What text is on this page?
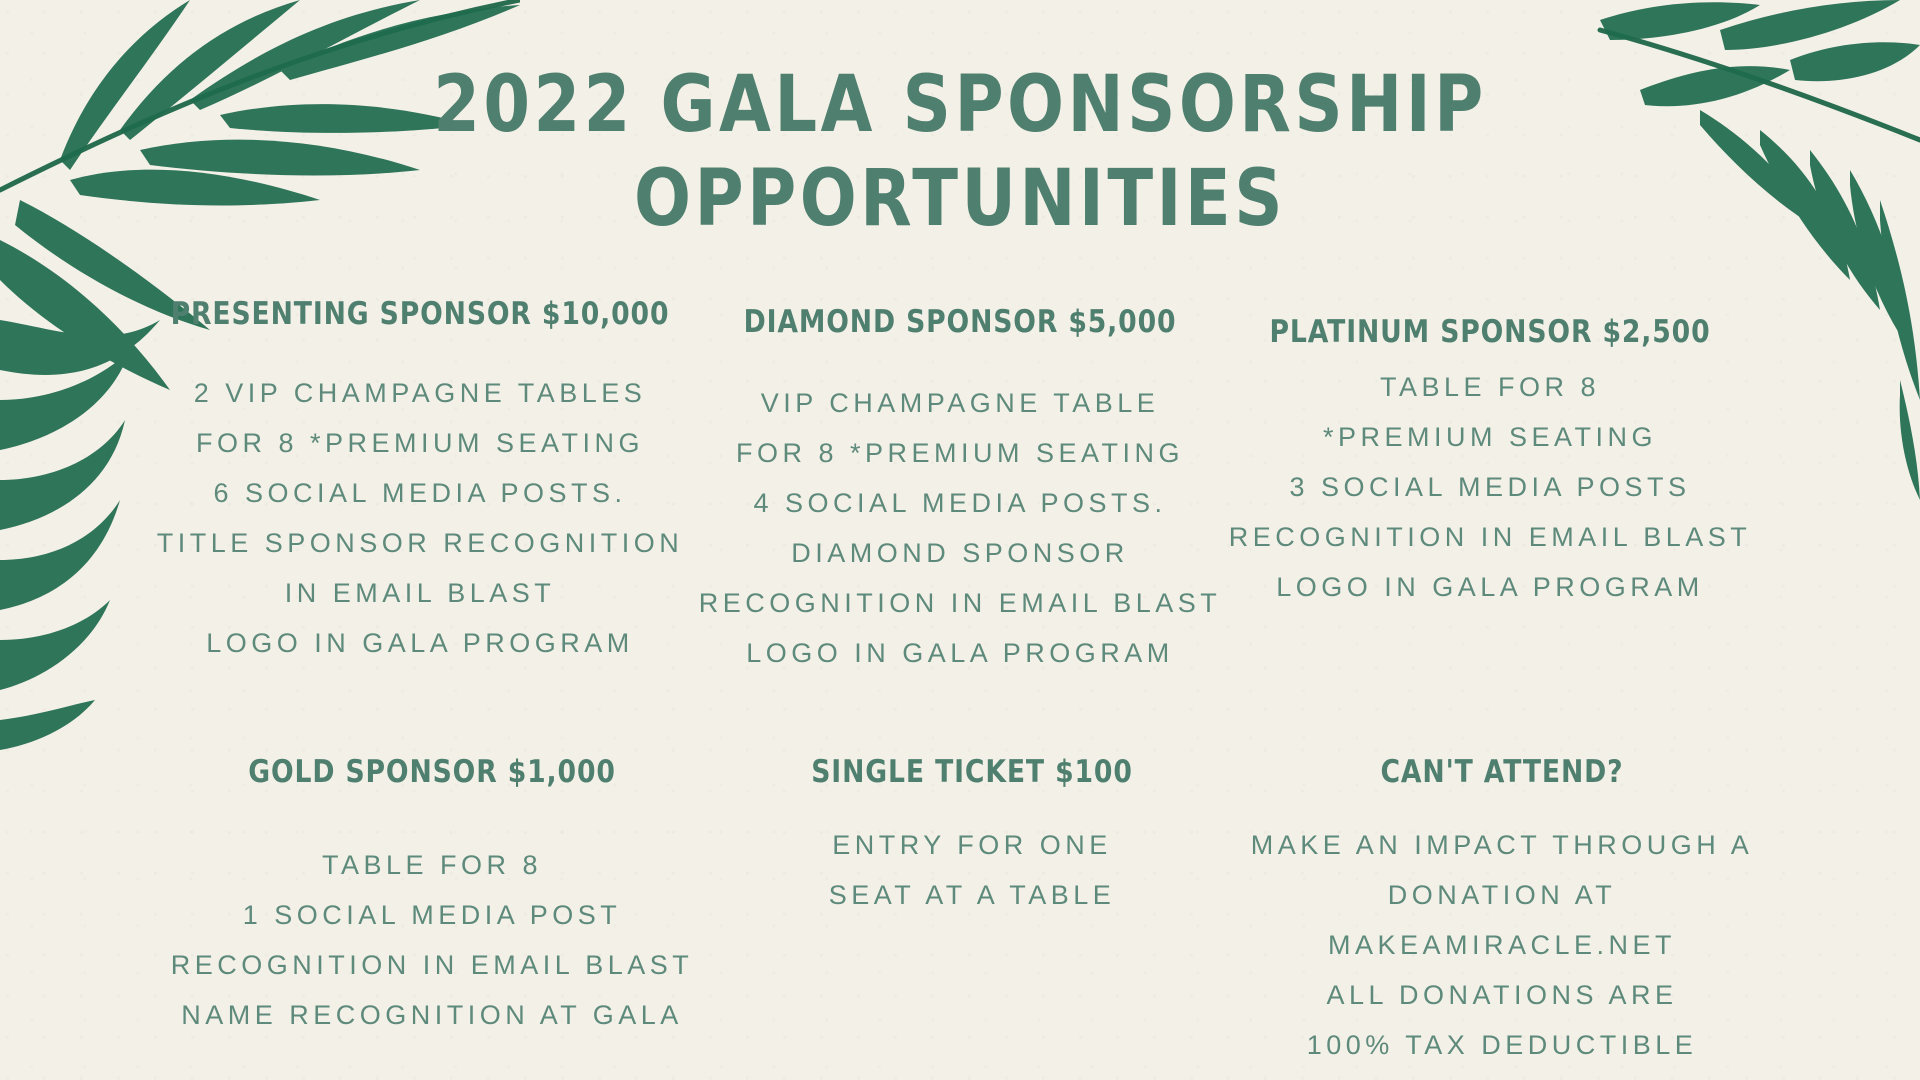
2022 GALA SPONSORSHIP
OPPORTUNITIES
PRESENTING SPONSOR $10,000
2 VIP CHAMPAGNE TABLES
FOR 8 *PREMIUM SEATING
6 SOCIAL MEDIA POSTS.
TITLE SPONSOR RECOGNITION
IN EMAIL BLAST
LOGO IN GALA PROGRAM
DIAMOND SPONSOR $5,000
VIP CHAMPAGNE TABLE
FOR 8 *PREMIUM SEATING
4 SOCIAL MEDIA POSTS.
DIAMOND SPONSOR
RECOGNITION IN EMAIL BLAST
LOGO IN GALA PROGRAM
PLATINUM SPONSOR $2,500
TABLE FOR 8
*PREMIUM SEATING
3 SOCIAL MEDIA POSTS
RECOGNITION IN EMAIL BLAST
LOGO IN GALA PROGRAM
GOLD SPONSOR $1,000
TABLE FOR 8
1 SOCIAL MEDIA POST
RECOGNITION IN EMAIL BLAST
NAME RECOGNITION AT GALA
SINGLE TICKET $100
ENTRY FOR ONE
SEAT AT A TABLE
CAN'T ATTEND?
MAKE AN IMPACT THROUGH A
DONATION AT
MAKEAMIRACLE.NET
ALL DONATIONS ARE
100% TAX DEDUCTIBLE
